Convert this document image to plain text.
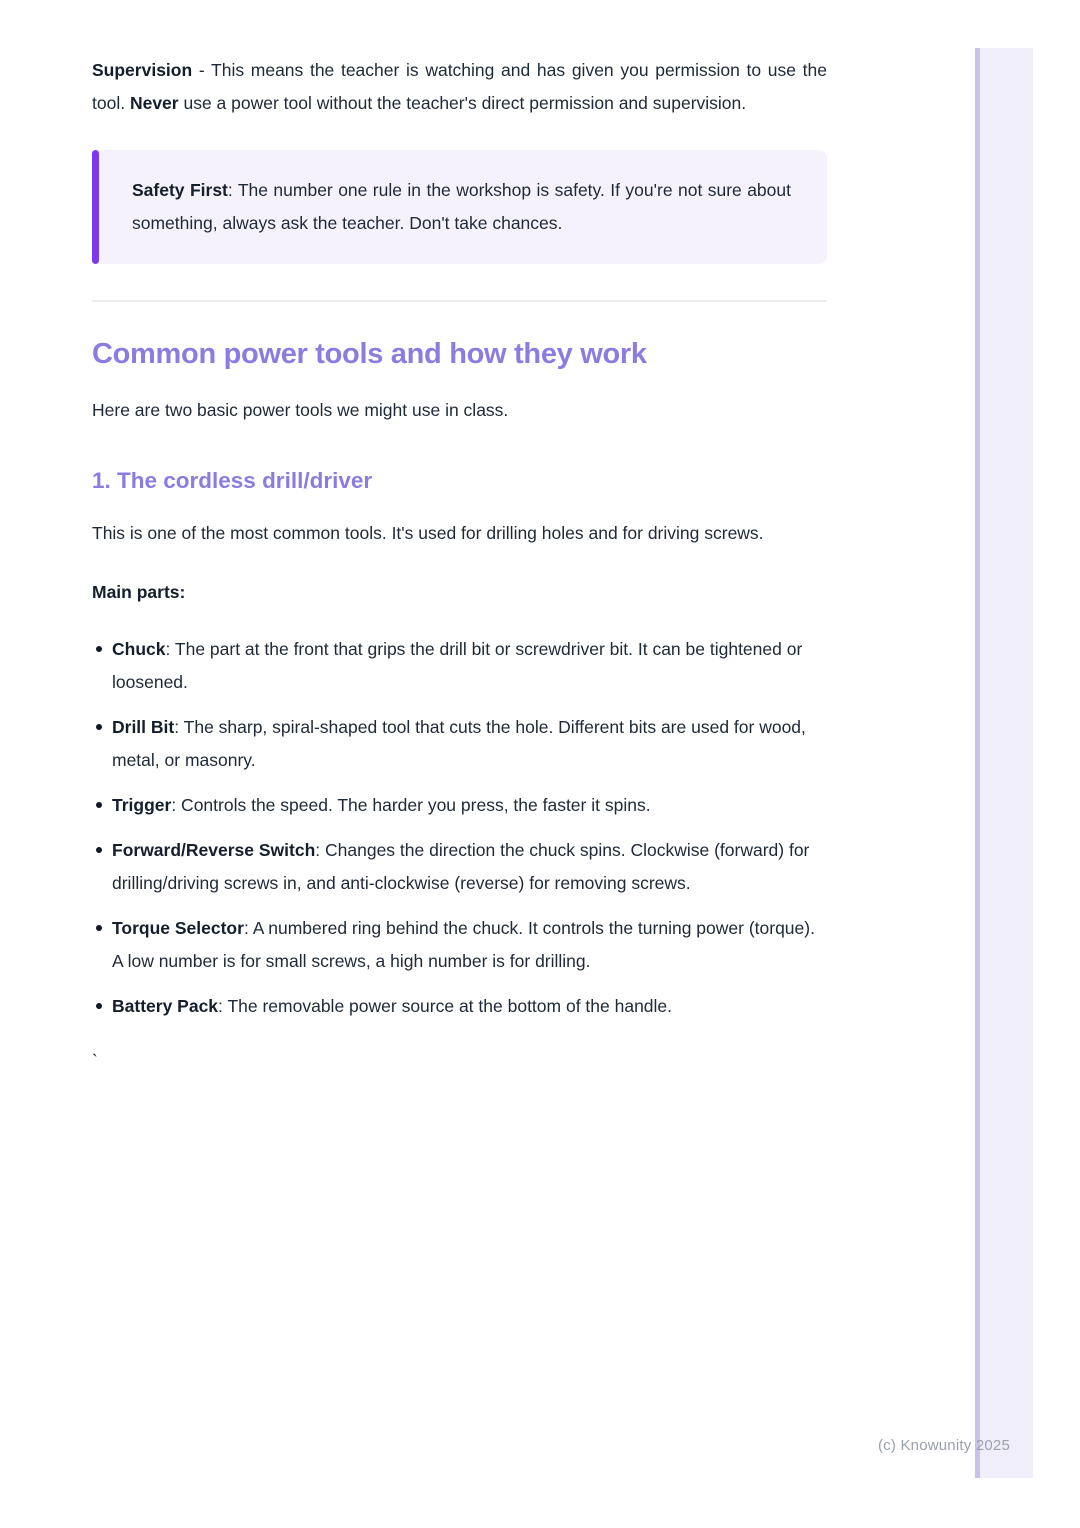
Supervision - This means the teacher is watching and has given you permission to use the tool. Never use a power tool without the teacher's direct permission and supervision.

Safety First: The number one rule in the workshop is safety. If you're not sure about something, always ask the teacher. Don't take chances.

Common power tools and how they work

Here are two basic power tools we might use in class.

1. The cordless drill/driver

This is one of the most common tools. It's used for drilling holes and for driving screws.

Main parts:

Chuck: The part at the front that grips the drill bit or screwdriver bit. It can be tightened or loosened.
Drill Bit: The sharp, spiral-shaped tool that cuts the hole. Different bits are used for wood, metal, or masonry.
Trigger: Controls the speed. The harder you press, the faster it spins.
Forward/Reverse Switch: Changes the direction the chuck spins. Clockwise (forward) for drilling/driving screws in, and anti-clockwise (reverse) for removing screws.
Torque Selector: A numbered ring behind the chuck. It controls the turning power (torque). A low number is for small screws, a high number is for drilling.
Battery Pack: The removable power source at the bottom of the handle.

`

(c) Knowunity 2025
